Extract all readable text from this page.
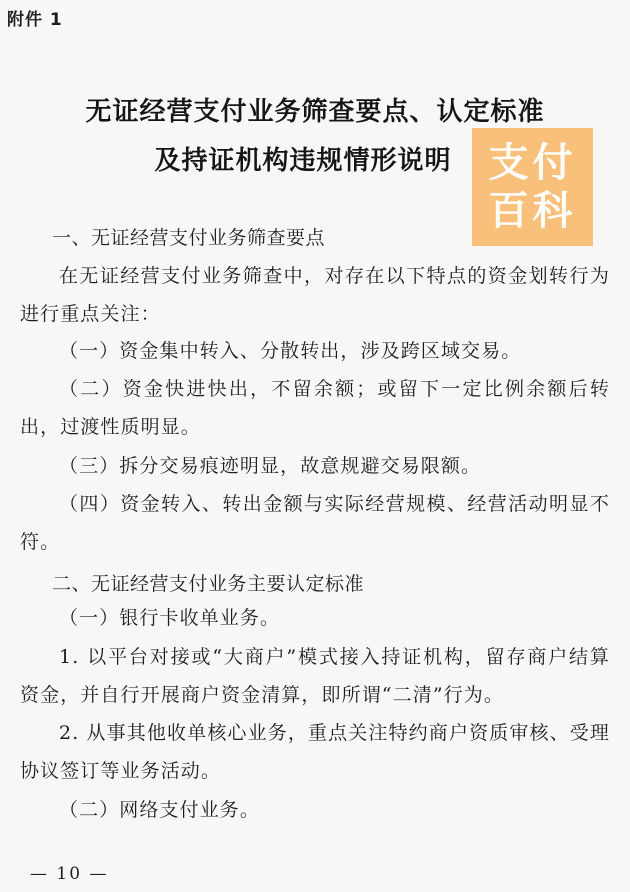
附件 1
无证经营支付业务筛查要点、认定标准
及持证机构违规情形说明 支付
百科
一、无证经营支付业务筛查要点
在无证经营支付业务筛查中，对存在以下特点的资金划转行为进行重点关注：
（一）资金集中转入、分散转出，涉及跨区域交易。
（二）资金快进快出，不留余额；或留下一定比例余额后转出，过渡性质明显。
（三）拆分交易痕迹明显，故意规避交易限额。
（四）资金转入、转出金额与实际经营规模、经营活动明显不符。
二、无证经营支付业务主要认定标准
（一）银行卡收单业务。
1. 以平台对接或“大商户”模式接入持证机构，留存商户结算资金，并自行开展商户资金清算，即所谓“二清”行为。
2. 从事其他收单核心业务，重点关注特约商户资质审核、受理协议签订等业务活动。
（二）网络支付业务。
— 10 —
